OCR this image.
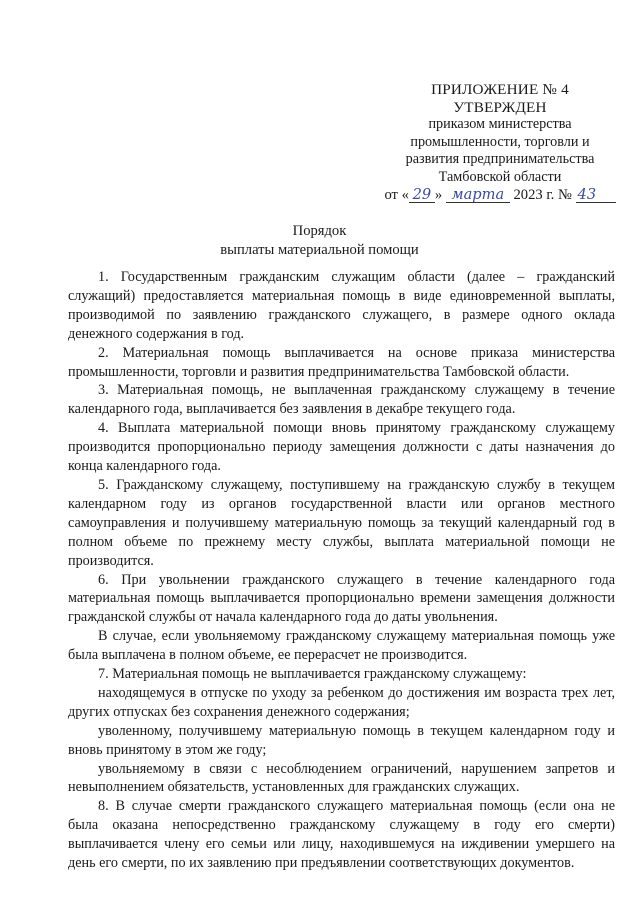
ПРИЛОЖЕНИЕ № 4
УТВЕРЖДЕН
приказом министерства
промышленности, торговли и
развития предпринимательства
Тамбовской области
от « 29 » марта 2023 г. № 43
Порядок
выплаты материальной помощи

1. Государственным гражданским служащим области (далее – гражданский служащий) предоставляется материальная помощь в виде единовременной выплаты, производимой по заявлению гражданского служащего, в размере одного оклада денежного содержания в год.

2. Материальная помощь выплачивается на основе приказа министерства промышленности, торговли и развития предпринимательства Тамбовской области.

3. Материальная помощь, не выплаченная гражданскому служащему в течение календарного года, выплачивается без заявления в декабре текущего года.

4. Выплата материальной помощи вновь принятому гражданскому служащему производится пропорционально периоду замещения должности с даты назначения до конца календарного года.

5. Гражданскому служащему, поступившему на гражданскую службу в текущем календарном году из органов государственной власти или органов местного самоуправления и получившему материальную помощь за текущий календарный год в полном объеме по прежнему месту службы, выплата материальной помощи не производится.

6. При увольнении гражданского служащего в течение календарного года материальная помощь выплачивается пропорционально времени замещения должности гражданской службы от начала календарного года до даты увольнения.

В случае, если увольняемому гражданскому служащему материальная помощь уже была выплачена в полном объеме, ее перерасчет не производится.

7. Материальная помощь не выплачивается гражданскому служащему:

находящемуся в отпуске по уходу за ребенком до достижения им возраста трех лет, других отпусках без сохранения денежного содержания;

уволенному, получившему материальную помощь в текущем календарном году и вновь принятому в этом же году;

увольняемому в связи с несоблюдением ограничений, нарушением запретов и невыполнением обязательств, установленных для гражданских служащих.

8. В случае смерти гражданского служащего материальная помощь (если она не была оказана непосредственно гражданскому служащему в году его смерти) выплачивается члену его семьи или лицу, находившемуся на иждивении умершего на день его смерти, по их заявлению при предъявлении соответствующих документов.
